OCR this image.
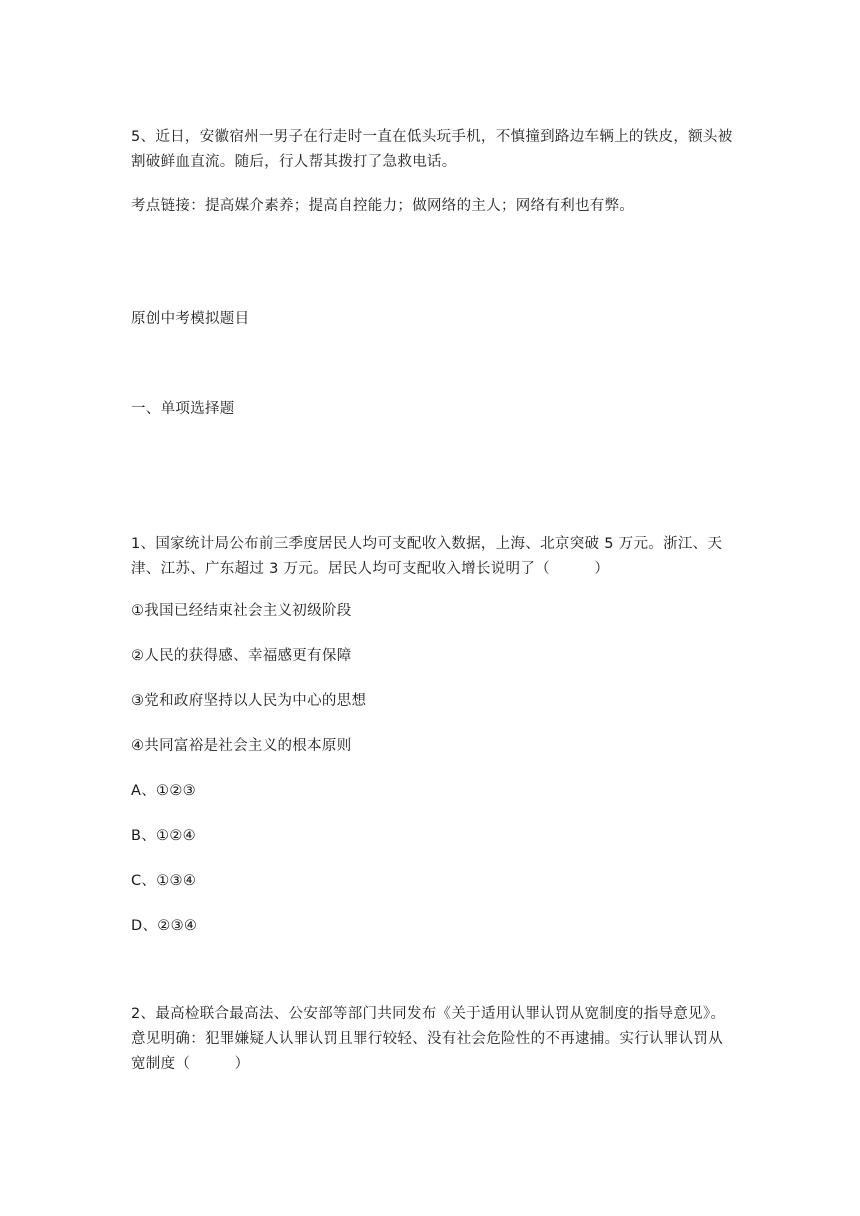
5、近日，安徽宿州一男子在行走时一直在低头玩手机，不慎撞到路边车辆上的铁皮，额头被割破鲜血直流。随后，行人帮其拨打了急救电话。

考点链接：提高媒介素养；提高自控能力；做网络的主人；网络有利也有弊。

原创中考模拟题目

一、单项选择题

1、国家统计局公布前三季度居民人均可支配收入数据，上海、北京突破 5 万元。浙江、天津、江苏、广东超过 3 万元。居民人均可支配收入增长说明了（　　　）

①我国已经结束社会主义初级阶段

②人民的获得感、幸福感更有保障

③党和政府坚持以人民为中心的思想

④共同富裕是社会主义的根本原则

A、①②③

B、①②④

C、①③④

D、②③④

2、最高检联合最高法、公安部等部门共同发布《关于适用认罪认罚从宽制度的指导意见》。意见明确：犯罪嫌疑人认罪认罚且罪行较轻、没有社会危险性的不再逮捕。实行认罪认罚从宽制度（　　　）
